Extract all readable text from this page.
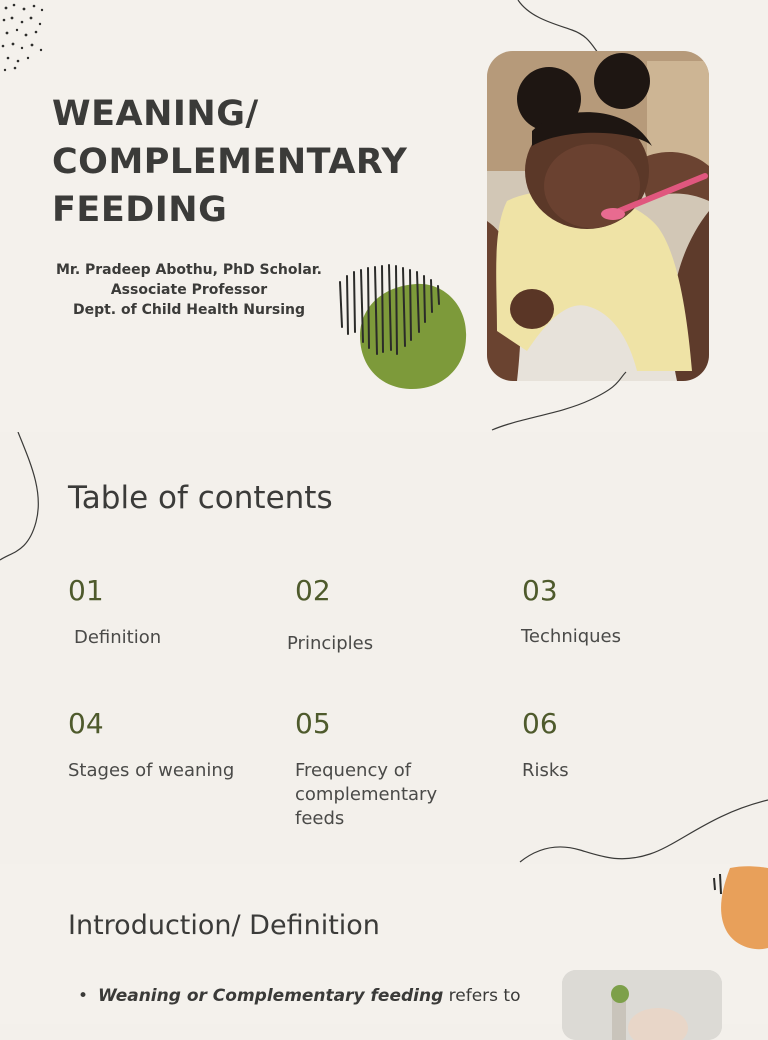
WEANING/
COMPLEMENTARY
FEEDING
Mr. Pradeep Abothu, PhD Scholar.
Associate Professor
Dept. of Child Health Nursing
Table of contents
01
Definition
02
Principles
03
Techniques
04
Stages of weaning
05
Frequency of
complementary
feeds
06
Risks
Introduction/ Definition
• Weaning or Complementary feeding refers to
